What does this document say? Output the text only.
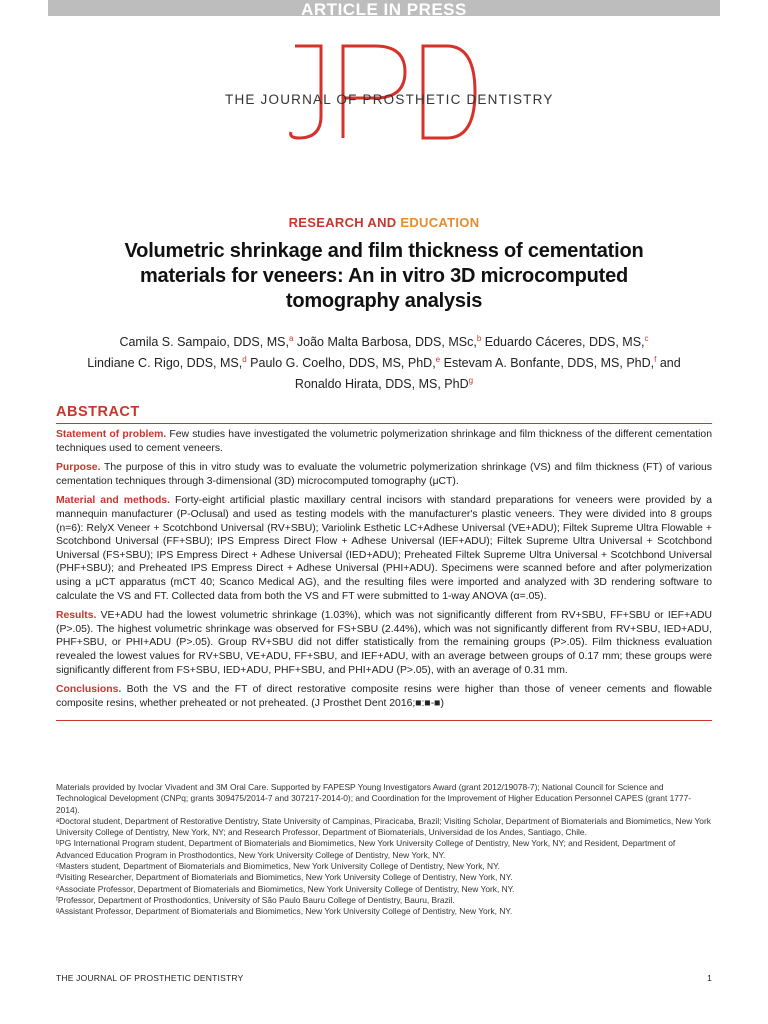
ARTICLE IN PRESS
JPD
THE JOURNAL OF PROSTHETIC DENTISTRY
RESEARCH AND EDUCATION
Volumetric shrinkage and film thickness of cementation materials for veneers: An in vitro 3D microcomputed tomography analysis
Camila S. Sampaio, DDS, MS,$^a$ João Malta Barbosa, DDS, MSc,$^b$ Eduardo Cáceres, DDS, MS,$^c$
Lindiane C. Rigo, DDS, MS,$^d$ Paulo G. Coelho, DDS, MS, PhD,$^e$ Estevam A. Bonfante, DDS, MS, PhD,$^f$ and
Ronaldo Hirata, DDS, MS, PhD$^g$
ABSTRACT

Statement of problem. Few studies have investigated the volumetric polymerization shrinkage and film thickness of the different cementation techniques used to cement veneers.

Purpose. The purpose of this in vitro study was to evaluate the volumetric polymerization shrinkage (VS) and film thickness (FT) of various cementation techniques through 3-dimensional (3D) microcomputed tomography (μCT).

Material and methods. Forty-eight artificial plastic maxillary central incisors with standard preparations for veneers were provided by a mannequin manufacturer (P-Oclusal) and used as testing models with the manufacturer's plastic veneers. They were divided into 8 groups (n=6): RelyX Veneer + Scotchbond Universal (RV+SBU); Variolink Esthetic LC+Adhese Universal (VE+ADU); Filtek Supreme Ultra Flowable + Scotchbond Universal (FF+SBU); IPS Empress Direct Flow + Adhese Universal (IEF+ADU); Filtek Supreme Ultra Universal + Scotchbond Universal (FS+SBU); IPS Empress Direct + Adhese Universal (IED+ADU); Preheated Filtek Supreme Ultra Universal + Scotchbond Universal (PHF+SBU); and Preheated IPS Empress Direct + Adhese Universal (PHI+ADU). Specimens were scanned before and after polymerization using a μCT apparatus (mCT 40; Scanco Medical AG), and the resulting files were imported and analyzed with 3D rendering software to calculate the VS and FT. Collected data from both the VS and FT were submitted to 1-way ANOVA (α=.05).

Results. VE+ADU had the lowest volumetric shrinkage (1.03%), which was not significantly different from RV+SBU, FF+SBU or IEF+ADU (P>.05). The highest volumetric shrinkage was observed for FS+SBU (2.44%), which was not significantly different from RV+SBU, IED+ADU, PHF+SBU, or PHI+ADU (P>.05). Group RV+SBU did not differ statistically from the remaining groups (P>.05). Film thickness evaluation revealed the lowest values for RV+SBU, VE+ADU, FF+SBU, and IEF+ADU, with an average between groups of 0.17 mm; these groups were significantly different from FS+SBU, IED+ADU, PHF+SBU, and PHI+ADU (P>.05), with an average of 0.31 mm.

Conclusions. Both the VS and the FT of direct restorative composite resins were higher than those of veneer cements and flowable composite resins, whether preheated or not preheated. (J Prosthet Dent 2016;■:■-■)

Materials provided by Ivoclar Vivadent and 3M Oral Care. Supported by FAPESP Young Investigators Award (grant 2012/19078-7); National Council for Science and Technological Development (CNPq; grants 309475/2014-7 and 307217-2014-0); and Coordination for the Improvement of Higher Education Personnel CAPES (grant 1777-2014).

ᵃDoctoral student, Department of Restorative Dentistry, State University of Campinas, Piracicaba, Brazil; Visiting Scholar, Department of Biomaterials and Biomimetics, New York University College of Dentistry, New York, NY; and Research Professor, Department of Biomaterials, Universidad de los Andes, Santiago, Chile.

ᵇPG International Program student, Department of Biomaterials and Biomimetics, New York University College of Dentistry, New York, NY; and Resident, Department of Advanced Education Program in Prosthodontics, New York University College of Dentistry, New York, NY.

ᶜMasters student, Department of Biomaterials and Biomimetics, New York University College of Dentistry, New York, NY.

ᵈVisiting Researcher, Department of Biomaterials and Biomimetics, New York University College of Dentistry, New York, NY.

ᵉAssociate Professor, Department of Biomaterials and Biomimetics, New York University College of Dentistry, New York, NY.

ᶠProfessor, Department of Prosthodontics, University of São Paulo Bauru College of Dentistry, Bauru, Brazil.

ᵍAssistant Professor, Department of Biomaterials and Biomimetics, New York University College of Dentistry, New York, NY.

THE JOURNAL OF PROSTHETIC DENTISTRY	1
